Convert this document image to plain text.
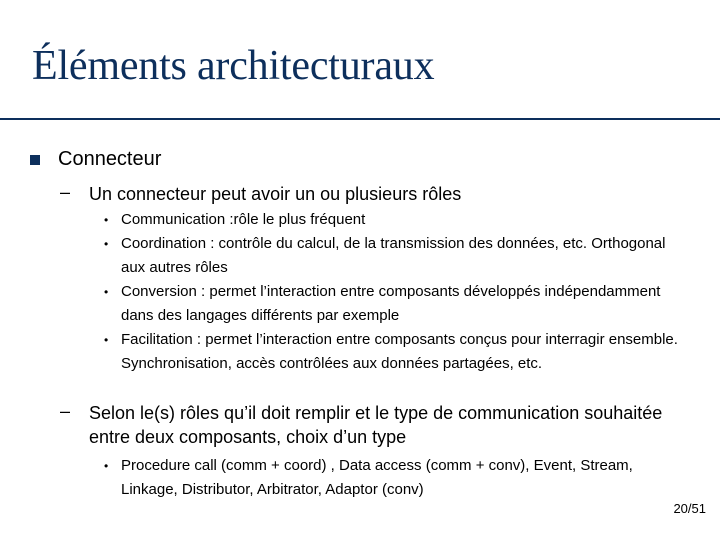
Éléments architecturaux
Connecteur
– Un connecteur peut avoir un ou plusieurs rôles
• Communication :rôle le plus fréquent
• Coordination : contrôle du calcul, de la transmission des données, etc. Orthogonal aux autres rôles
• Conversion : permet l’interaction entre composants développés indépendamment dans des langages différents par exemple
• Facilitation : permet l’interaction entre composants conçus pour interragir ensemble. Synchronisation, accès contrôlées aux données partagées, etc.
– Selon le(s) rôles qu’il doit remplir et le type de communication souhaitée entre deux composants, choix d’un type
• Procedure call (comm + coord) , Data access (comm + conv), Event, Stream, Linkage, Distributor, Arbitrator, Adaptor (conv)
20/51
